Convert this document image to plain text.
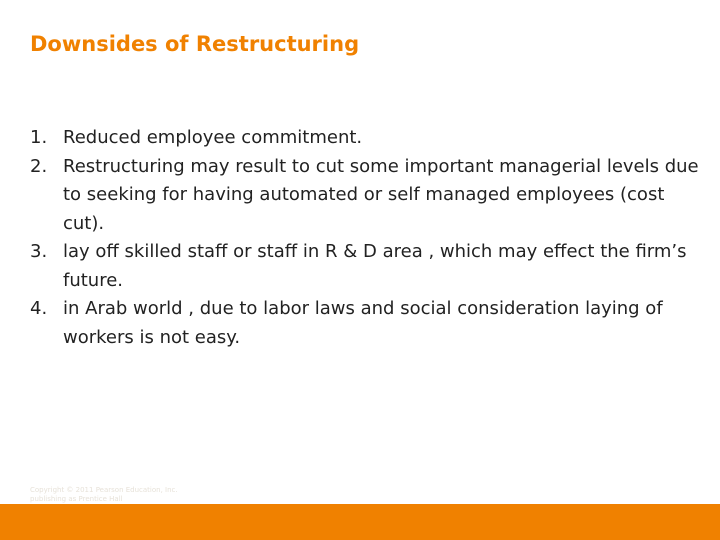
Downsides of Restructuring
1. Reduced employee commitment.
2. Restructuring may result to cut some important managerial levels due to seeking for having automated or self managed employees (cost cut).
3. lay off skilled staff or staff in R & D area , which may effect the firm’s future.
4. in Arab world , due to labor laws and social consideration laying of workers is not easy.
Copyright © 2011 Pearson Education, Inc. publishing as Prentice Hall
